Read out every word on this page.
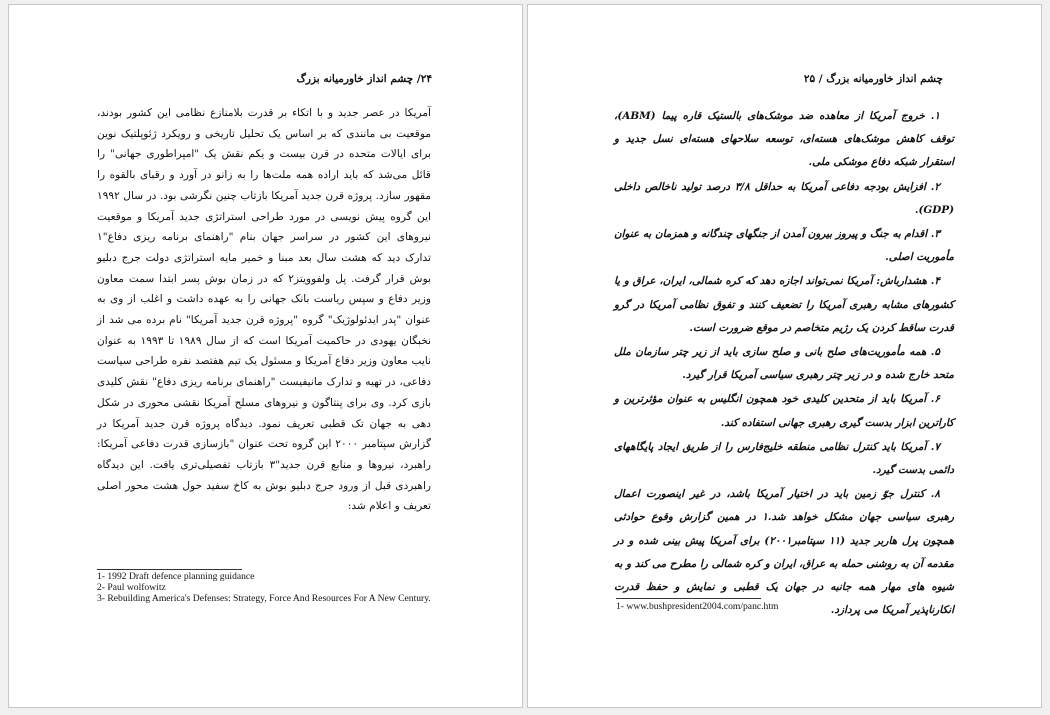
۲۴/ چشم انداز خاورمیانه بزرگ

آمریکا در عصر جدید و با اتکاء بر قدرت بلامنازع نظامی این کشور بودند، موقعیت بی مانندی که بر اساس یک تحلیل تاریخی و رویکرد ژئوپلتیک نوین برای ایالات متحده در قرن بیست و یکم نقش یک "امپراطوری جهانی" را قائل می‌شد که باید اراده همه ملت‌ها را به زانو در آورد و رقبای بالقوه را مقهور سازد. پروژه قرن جدید آمریکا بازتاب چنین نگرشی بود. در سال ۱۹۹۲ این گروه پیش نویسی در مورد طراحی استراتژی جدید آمریکا و موقعیت نیروهای این کشور در سراسر جهان بنام "راهنمای برنامه ریزی دفاع"۱ تدارک دید که هشت سال بعد مبنا و خمیر مایه استراتژی دولت جرج دبلیو بوش قرار گرفت. پل ولفوویتز۲ که در زمان بوش پسر ابتدا سمت معاون وزیر دفاع و سپس ریاست بانک جهانی را به عهده داشت و اغلب از وی به عنوان "پدر ایدئولوژیک" گروه "پروژه قرن جدید آمریکا" نام برده می شد از نخبگان یهودی در حاکمیت آمریکا است که از سال ۱۹۸۹ تا ۱۹۹۳ به عنوان نایب معاون وزیر دفاع آمریکا و مسئول یک تیم هفتصد نفره طراحی سیاست دفاعی، در تهیه و تدارک مانیفیست "راهنمای برنامه ریزی دفاع" نقش کلیدی بازی کرد. وی برای پنتاگون و نیروهای مسلح آمریکا نقشی محوری در شکل دهی به جهان تک قطبی تعریف نمود. دیدگاه پروژه قرن جدید آمریکا در گزارش سپتامبر ۲۰۰۰ این گروه تحت عنوان "بازسازی قدرت دفاعی آمریکا: راهبرد، نیروها و منابع قرن جدید"۳ بازتاب تفصیلی‌تری یافت. این دیدگاه راهبردی قبل از ورود جرج دبلیو بوش به کاخ سفید حول هشت محور اصلی تعریف و اعلام شد:

1- 1992 Draft defence planning guidance

2- Paul wolfowitz

3- Rebuilding America's Defenses: Strategy, Force And Resources For A New Century.

چشم انداز خاورمیانه بزرگ / ۲۵

۱. خروج آمریکا از معاهده ضد موشک‌های بالستیک قاره پیما (ABM)، توقف کاهش موشک‌های هسته‌ای، توسعه سلاحهای هسته‌ای نسل جدید و استقرار شبکه دفاع موشکی ملی.

۲. افزایش بودجه دفاعی آمریکا به حداقل ۳/۸ درصد تولید ناخالص داخلی (GDP).

۳. اقدام به جنگ و پیروز بیرون آمدن از جنگهای چندگانه و همزمان به عنوان مأموریت اصلی.

۴. هشدارباش: آمریکا نمی‌تواند اجازه دهد که کره شمالی، ایران، عراق و یا کشورهای مشابه رهبری آمریکا را تضعیف کنند و تفوق نظامی آمریکا در گرو قدرت ساقط کردن یک رژیم متخاصم در موقع ضرورت است.

۵. همه مأموریت‌های صلح بانی و صلح سازی باید از زیر چتر سازمان ملل متحد خارج شده و در زیر چتر رهبری سیاسی آمریکا قرار گیرد.

۶. آمریکا باید از متحدین کلیدی خود همچون انگلیس به عنوان مؤثرترین و کاراترین ابزار بدست گیری رهبری جهانی استفاده کند.

۷. آمریکا باید کنترل نظامی منطقه خلیج‌فارس را از طریق ایجاد پایگاههای دائمی بدست گیرد.

۸. کنترل جوّ زمین باید در اختیار آمریکا باشد، در غیر اینصورت اعمال رهبری سیاسی جهان مشکل خواهد شد.۱ در همین گزارش وقوع حوادثی همچون پرل هاربر جدید (۱۱ سپتامبر۲۰۰۱) برای آمریکا پیش بینی شده و در مقدمه آن به روشنی حمله به عراق، ایران و کره شمالی را مطرح می کند و به شیوه های مهار همه جانبه در جهان یک قطبی و نمایش و حفظ قدرت انکارناپذیر آمریکا می پردازد.

1- www.bushpresident2004.com/panc.htm
